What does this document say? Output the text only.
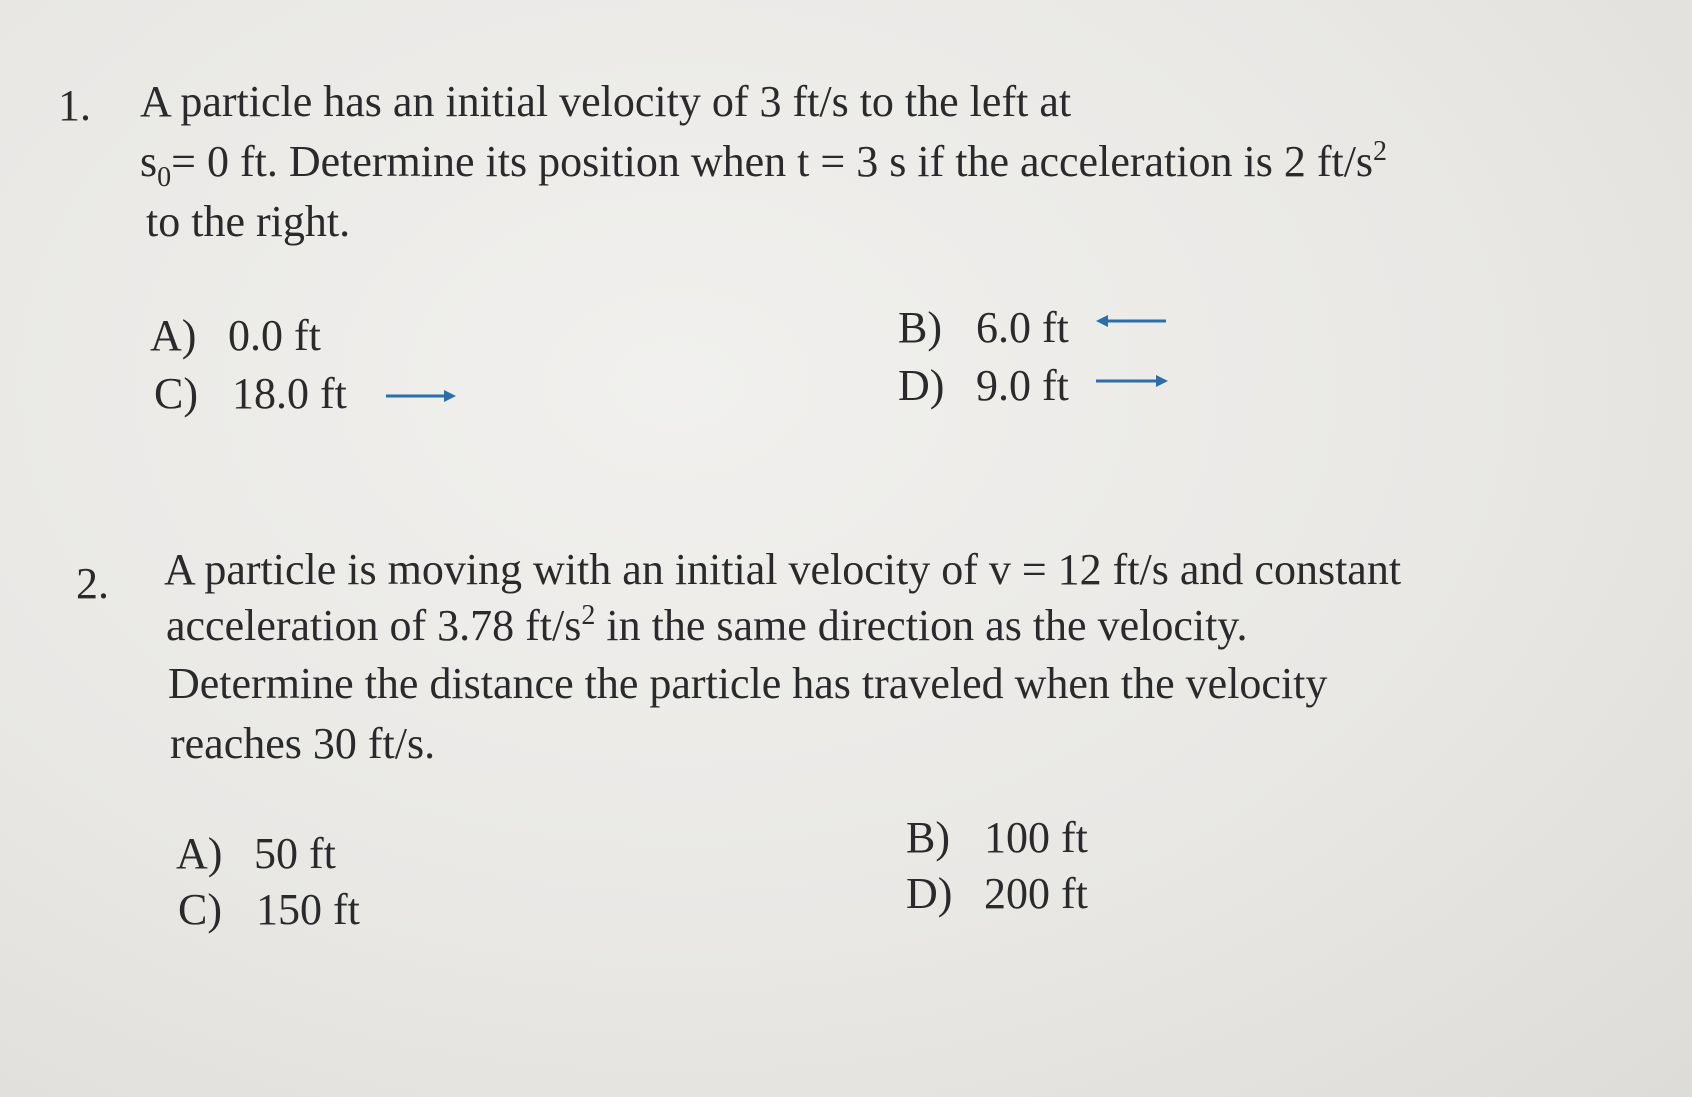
1. A particle has an initial velocity of 3 ft/s to the left at
$s_0= 0$ ft. Determine its position when t = 3 s if the acceleration is 2 $ft/s^2$
to the right.
A) 0.0 ft	B) 6.0 ft
C) 18.0 ft	D) 9.0 ft
2. A particle is moving with an initial velocity of v = 12 ft/s and constant
acceleration of 3.78 $ft/s^2$ in the same direction as the velocity.
Determine the distance the particle has traveled when the velocity
reaches 30 ft/s.
A) 50 ft	B) 100 ft
C) 150 ft	D) 200 ft
